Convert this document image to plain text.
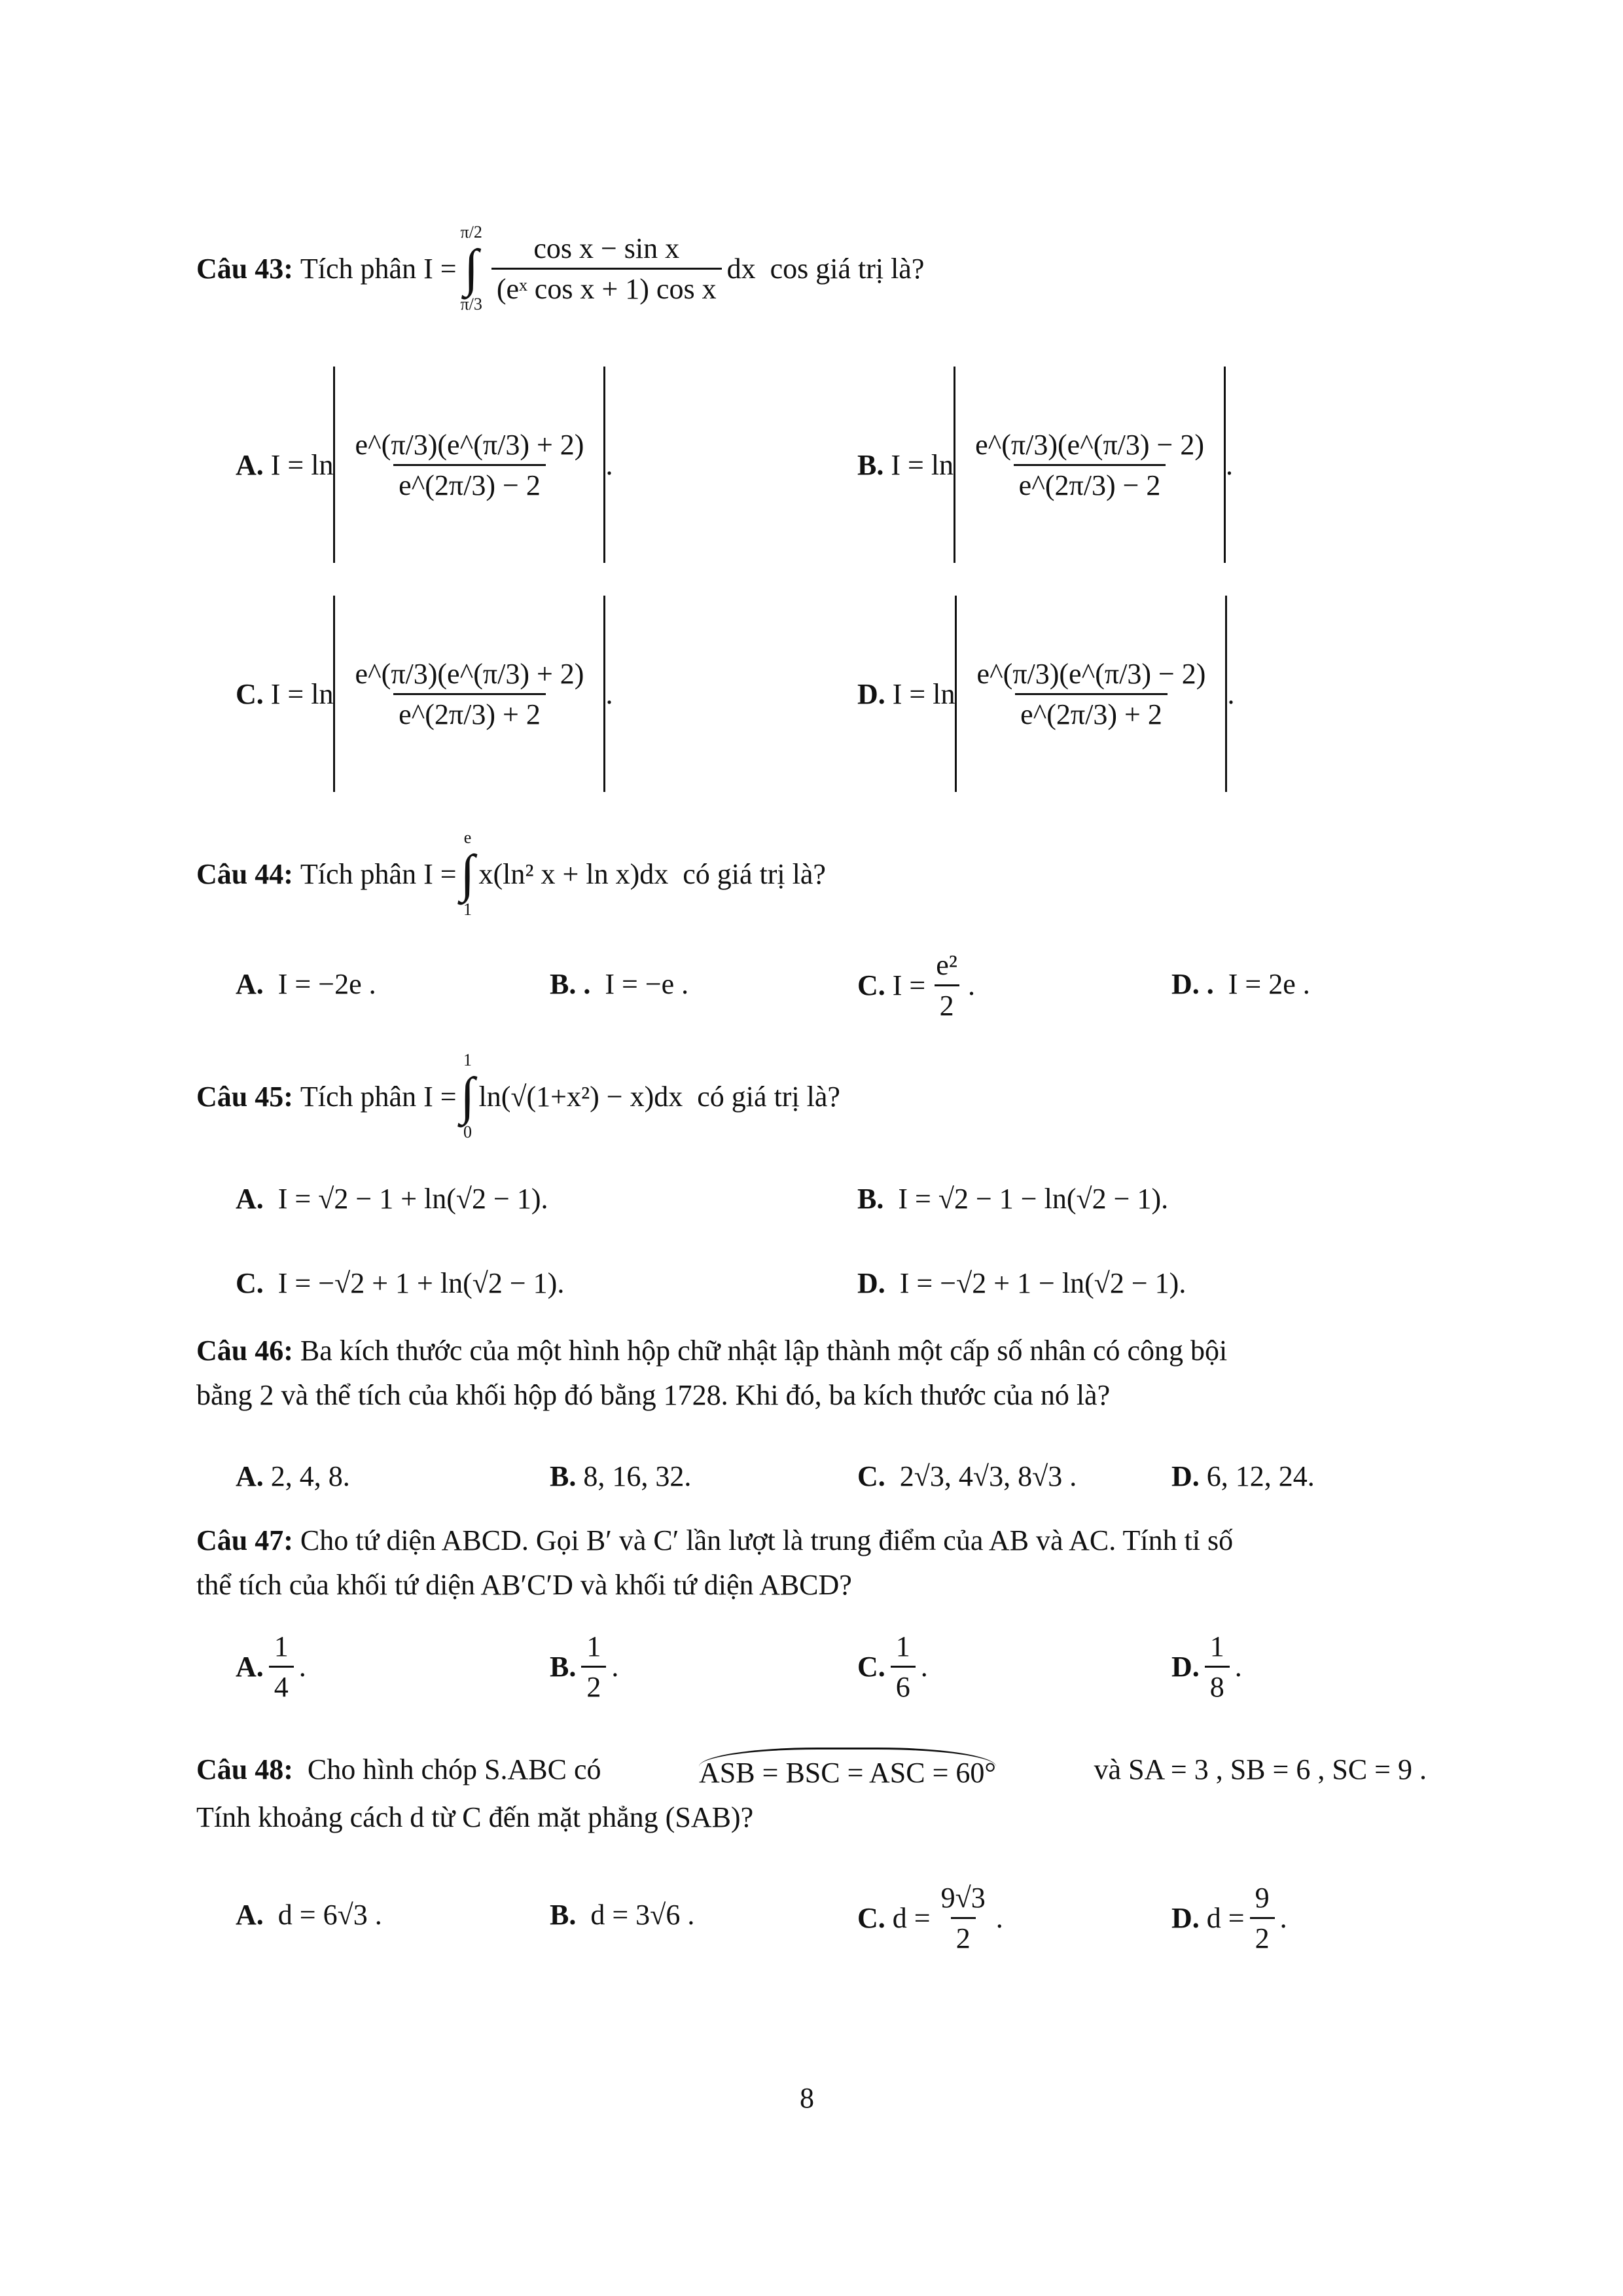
Câu 43:
Tích phân
I =
π/2
∫
$\pi/3 \frac{\text{cos x − sin x}}{\text{(eˣ cos x + 1) cos x}}$ dx
cos giá trị là?
A.
$I = \ln \frac{e\^{}(\pi/3)(e\^{}(\pi/3) + 2)}{e\^{}(2\pi/3) - 2}$ .	B.
$I = \ln \frac{e\^{}(\pi/3)(e\^{}(\pi/3) - 2)}{e\^{}(2\pi/3) - 2}$ .
C.
$I = \ln \frac{e\^{}(\pi/3)(e\^{}(\pi/3) + 2)}{e\^{}(2\pi/3) + 2}$ .	D.
$I = \ln \frac{e\^{}(\pi/3)(e\^{}(\pi/3) - 2)}{e\^{}(2\pi/3) + 2}$ .
Câu 44:
Tích phân
I =
e
∫
1
x(ln² x + ln x)dx
có giá trị là?
A. I = −2e .	B. . I = −e .	C.
$I = \frac{\text{e²}}{2}$ .	D. . I = 2e .
Câu 45:
Tích phân
I =
1
∫
0
ln(√(1+x²) − x)dx
có giá trị là?
A. I = √2 − 1 + ln(√2 − 1).	B. I = √2 − 1 − ln(√2 − 1).
C. I = −√2 + 1 + ln(√2 − 1).	D. I = −√2 + 1 − ln(√2 − 1).
Câu 46: Ba kích thước của một hình hộp chữ nhật lập thành một cấp số nhân có công bội
bằng 2 và thể tích của khối hộp đó bằng 1728. Khi đó, ba kích thước của nó là?
A. 2, 4, 8.	B. 8, 16, 32.	C. 2√3, 4√3, 8√3 .	D. 6, 12, 24.
Câu 47: Cho tứ diện ABCD. Gọi B′ và C′ lần lượt là trung điểm của AB và AC. Tính tỉ số
thể tích của khối tứ diện AB′C′D và khối tứ diện ABCD?
A. $\frac{1}{4}$ .	B. $\frac{1}{2}$ .	C. $\frac{1}{6}$ .	D. $\frac{1}{8}$ .
Câu 48: Cho hình chóp S.ABC có	ASB = BSC = ASC = 60°	và SA = 3 , SB = 6 , SC = 9 .
Tính khoảng cách d từ C đến mặt phẳng (SAB)?
A. d = 6√3 .	B. d = 3√6 .	C.
$d = \frac{9√3}{2}$ .	D.
$d = \frac{9}{2}$ .
8
